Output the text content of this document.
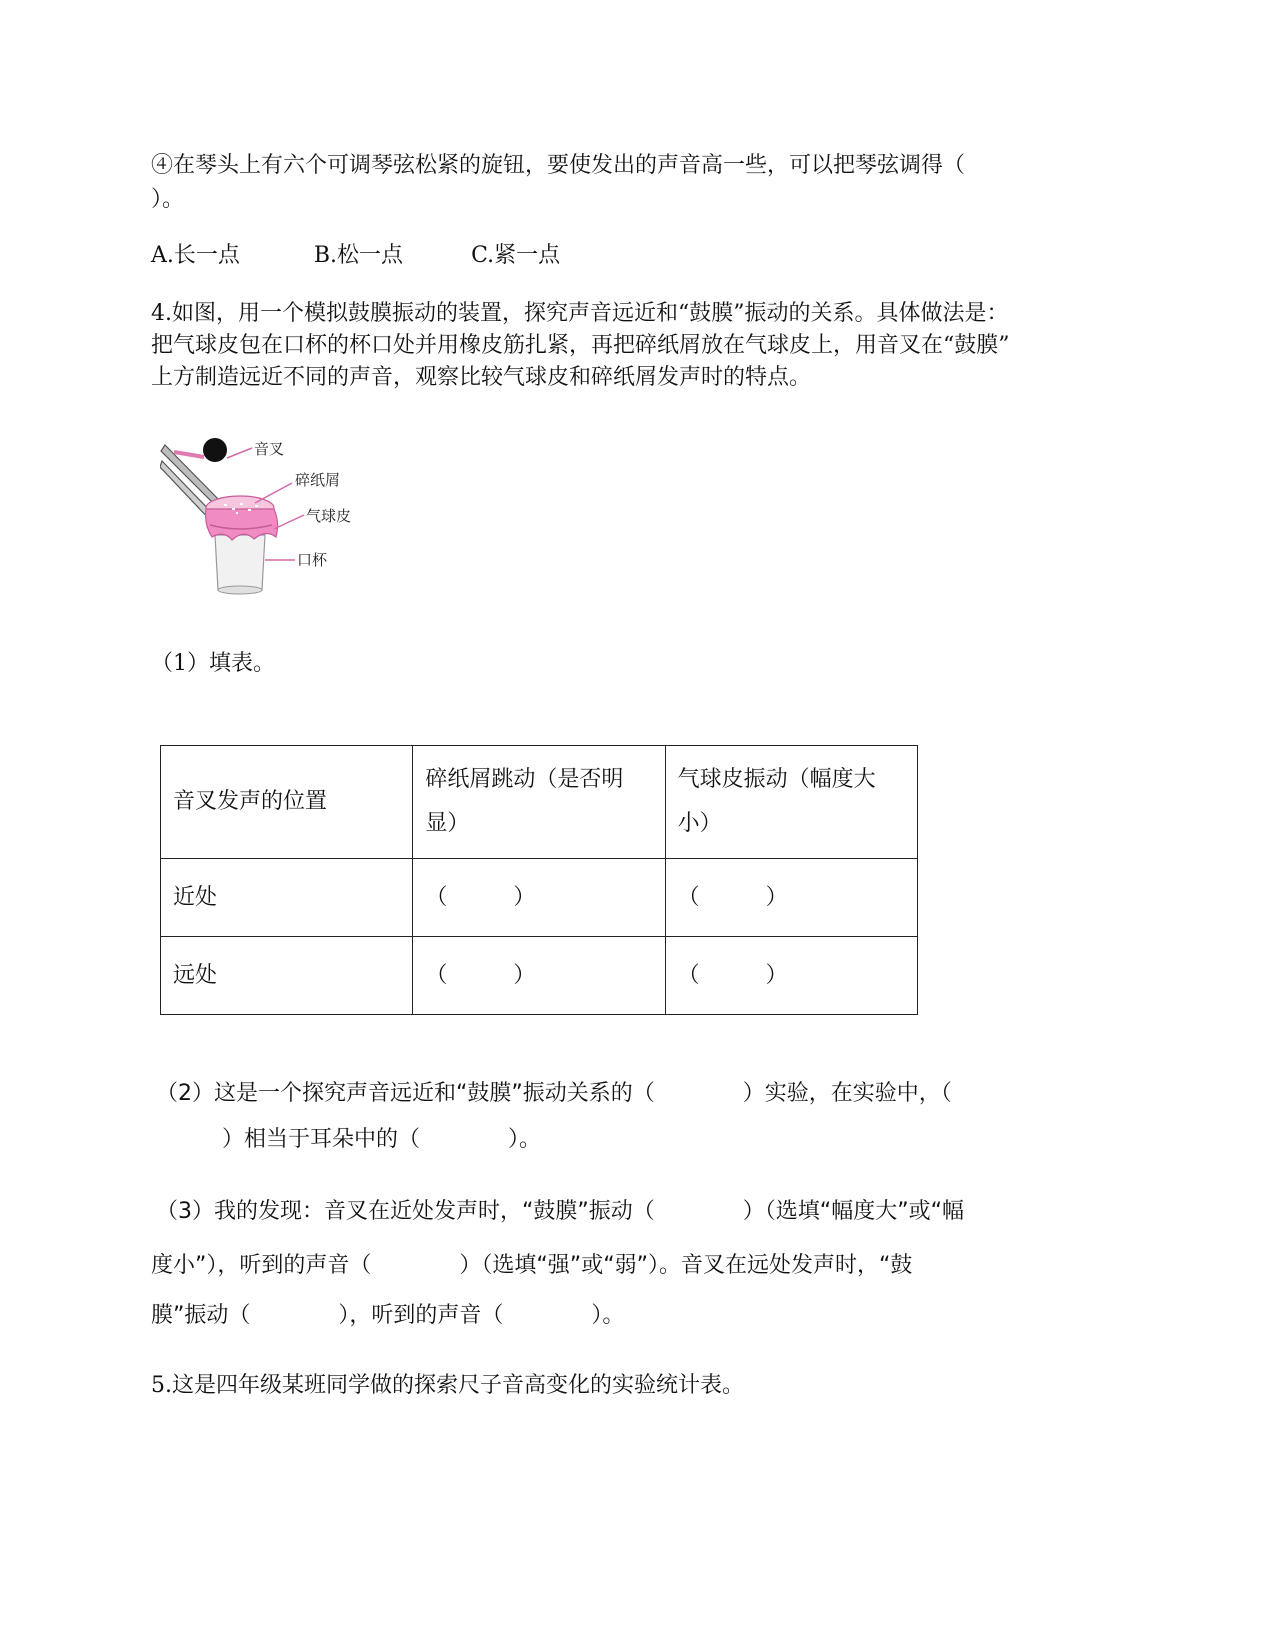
④在琴头上有六个可调琴弦松紧的旋钮，要使发出的声音高一些，可以把琴弦调得（
）。
A.长一点	B.松一点	C.紧一点
4.如图，用一个模拟鼓膜振动的装置，探究声音远近和“鼓膜”振动的关系。具体做法是：
把气球皮包在口杯的杯口处并用橡皮筋扎紧，再把碎纸屑放在气球皮上，用音叉在“鼓膜”
上方制造远近不同的声音，观察比较气球皮和碎纸屑发声时的特点。
音叉
碎纸屑
气球皮
口杯
（1）填表。
音叉发声的位置	碎纸屑跳动（是否明显）	气球皮振动（幅度大小）
近处	（　　　）	（　　　）
远处	（　　　）	（　　　）
（2）这是一个探究声音远近和“鼓膜”振动关系的（　　　　）实验，在实验中，（
　　　）相当于耳朵中的（　　　　）。
（3）我的发现：音叉在近处发声时，“鼓膜”振动（　　　　）（选填“幅度大”或“幅
度小”），听到的声音（　　　　）（选填“强”或“弱”）。音叉在远处发声时，“鼓
膜”振动（　　　　），听到的声音（　　　　）。
5.这是四年级某班同学做的探索尺子音高变化的实验统计表。
